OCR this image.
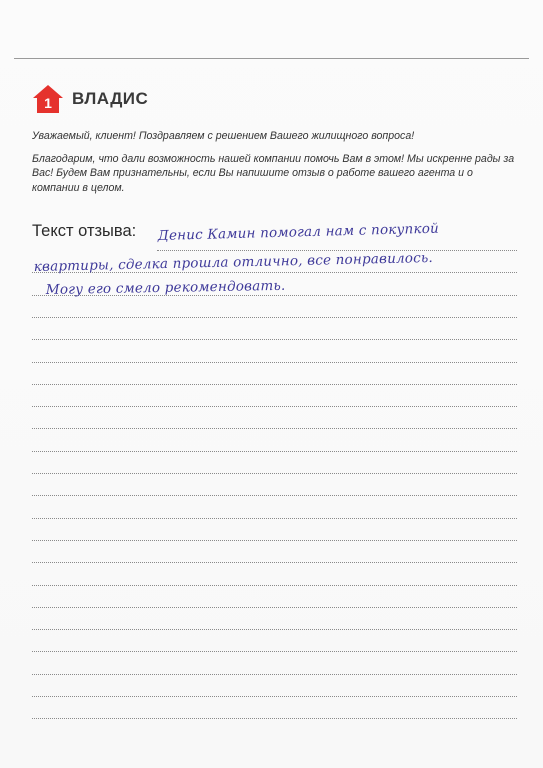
1 ВЛАДИС

Уважаемый, клиент! Поздравляем с решением Вашего жилищного вопроса!

Благодарим, что дали возможность нашей компании помочь Вам в этом! Мы искренне рады за Вас! Будем Вам признательны, если Вы напишите отзыв о работе вашего агента и о компании в целом.

Текст отзыва: Денис Камин помогал нам с покупкой
квартиры, сделка прошла отлично, все понравилось.
Могу его смело рекомендовать.
